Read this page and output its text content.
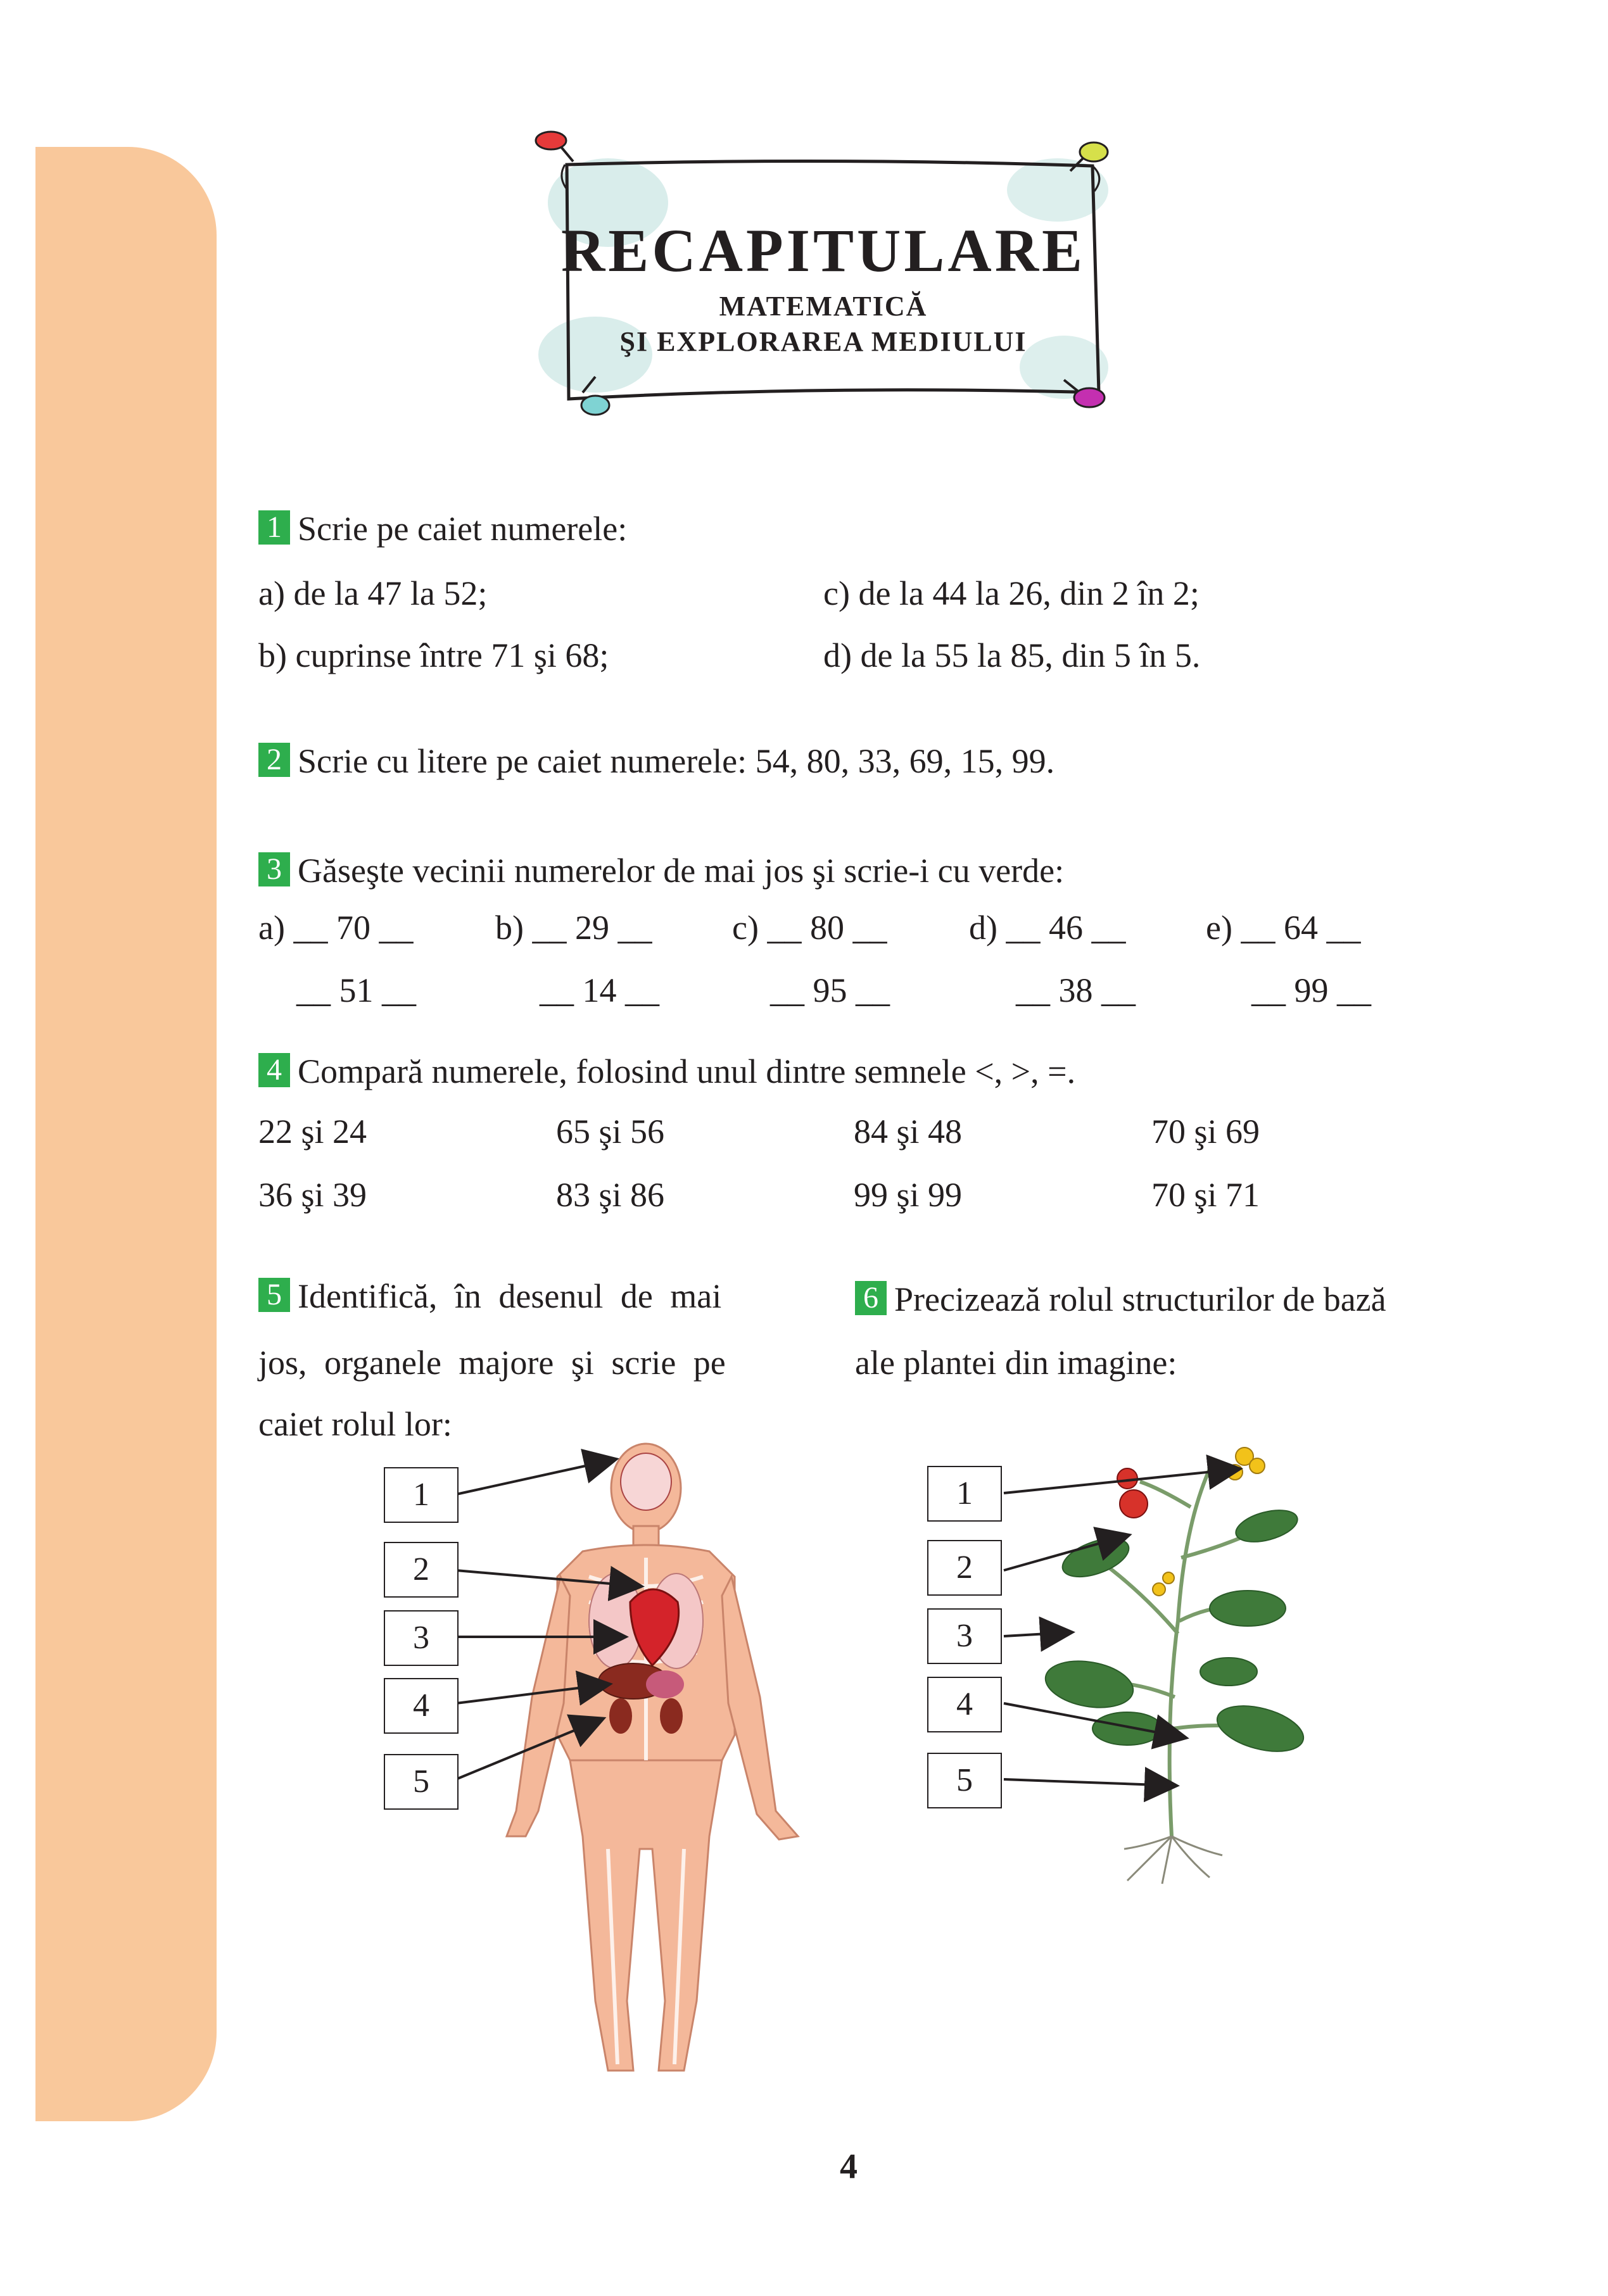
RECAPITULARE
MATEMATICĂ
ŞI EXPLORAREA MEDIULUI
1 Scrie pe caiet numerele:
a) de la 47 la 52;	c) de la 44 la 26, din 2 în 2;
b) cuprinse între 71 şi 68;	d) de la 55 la 85, din 5 în 5.
2 Scrie cu litere pe caiet numerele: 54, 80, 33, 69, 15, 99.
3 Găseşte vecinii numerelor de mai jos şi scrie-i cu verde:
a) __ 70 __ b) __ 29 __ c) __ 80 __ d) __ 46 __ e) __ 64 __
__ 51 __	__ 14 __	__ 95 __	__ 38 __	__ 99 __
4 Compară numerele, folosind unul dintre semnele <, >, =.
22 şi 24	65 şi 56	84 şi 48	70 şi 69
36 şi 39	83 şi 86	99 şi 99	70 şi 71
5 Identifică, în desenul de mai
jos, organele majore şi scrie pe
caiet rolul lor:
6 Precizează rolul structurilor de bază
ale plantei din imagine:
1
2
3
4
5
1
2
3
4
5
4
